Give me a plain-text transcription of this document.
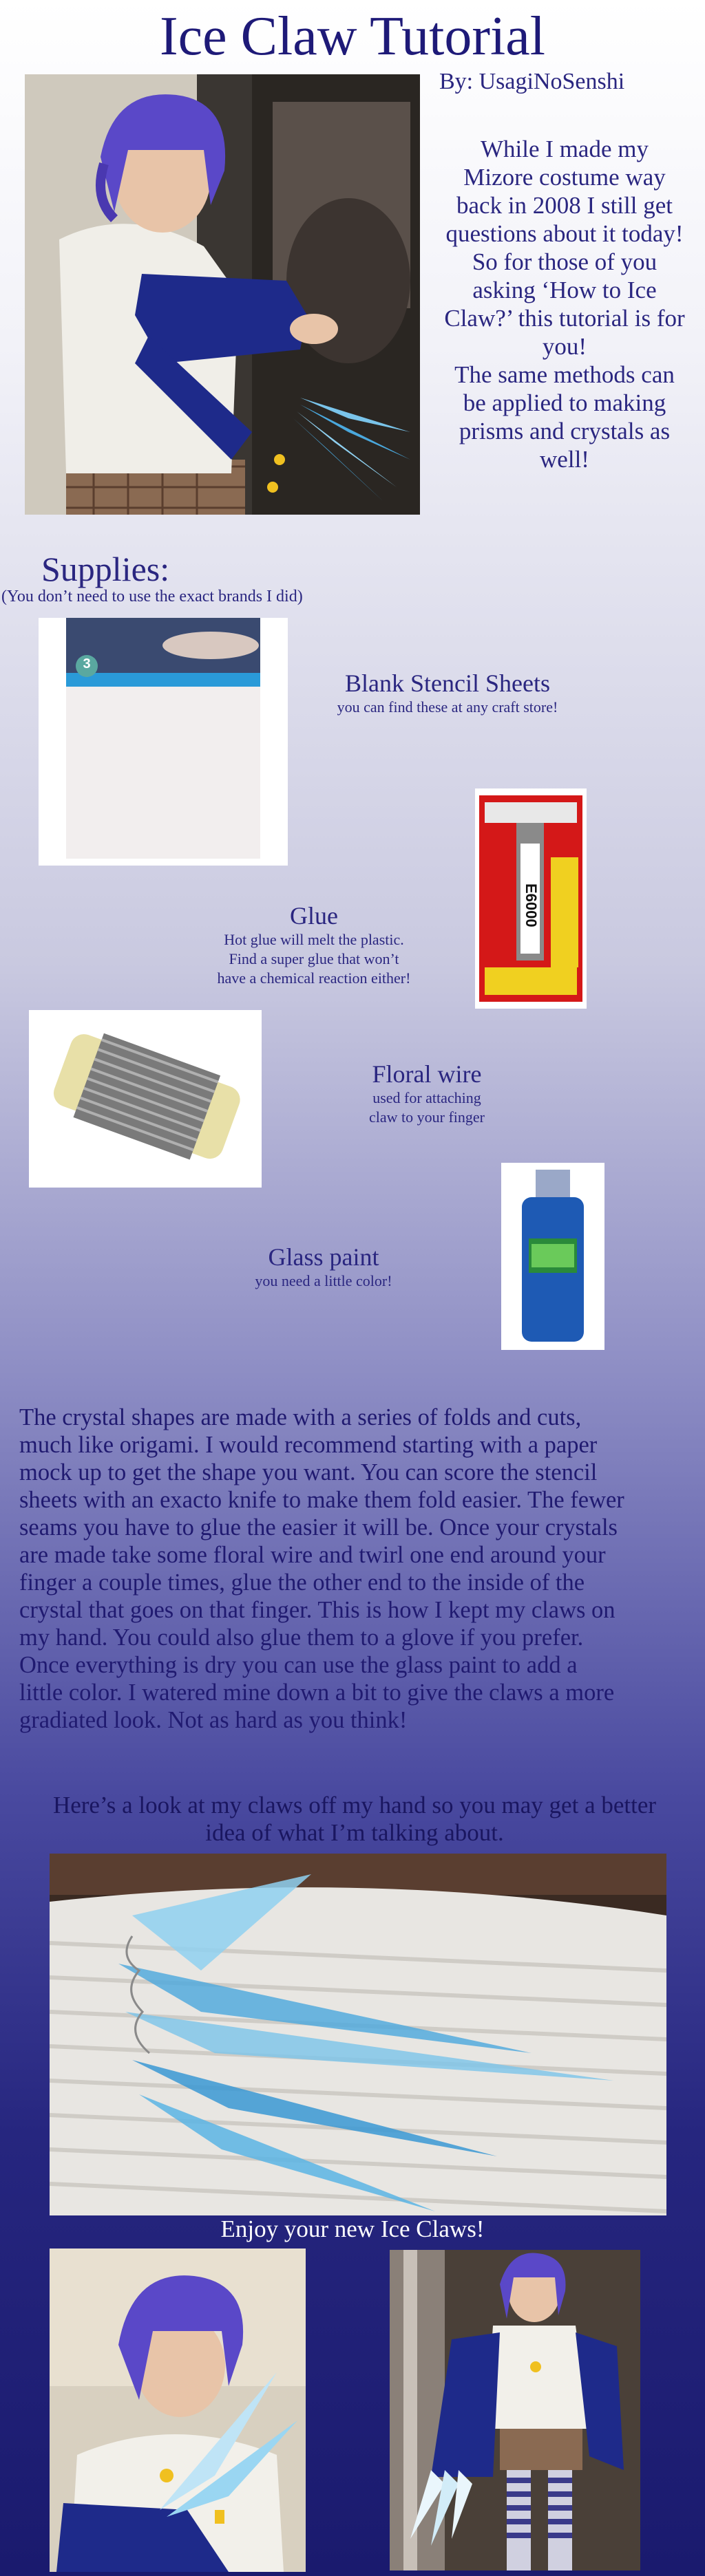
Ice Claw Tutorial
By: UsagiNoSenshi
While I made my
Mizore costume way
back in 2008 I still get
questions about it today!
So for those of you
asking ‘How to Ice
Claw?’ this tutorial is for
you!
The same methods can
be applied to making
prisms and crystals as
well!
Supplies:
(You don’t need to use the exact brands I did)
3
Blank Stencil Sheets
you can find these at any craft store!
E6000
Glue
Hot glue will melt the plastic.
Find a super glue that won’t
have a chemical reaction either!
Floral wire
used for attaching
claw to your finger
Glass paint
you need a little color!
The crystal shapes are made with a series of folds and cuts,
much like origami. I would recommend starting with a paper
mock up to get the shape you want. You can score the stencil
sheets with an exacto knife to make them fold easier. The fewer
seams you have to glue the easier it will be. Once your crystals
are made take some floral wire and twirl one end around your
finger a couple times, glue the other end to the inside of the
crystal that goes on that finger. This is how I kept my claws on
my hand. You could also glue them to a glove if you prefer.
Once everything is dry you can use the glass paint to add a
little color. I watered mine down a bit to give the claws a more
gradiated look. Not as hard as you think!
Here’s a look at my claws off my hand so you may get a better
idea of what I’m talking about.
Enjoy your new Ice Claws!
